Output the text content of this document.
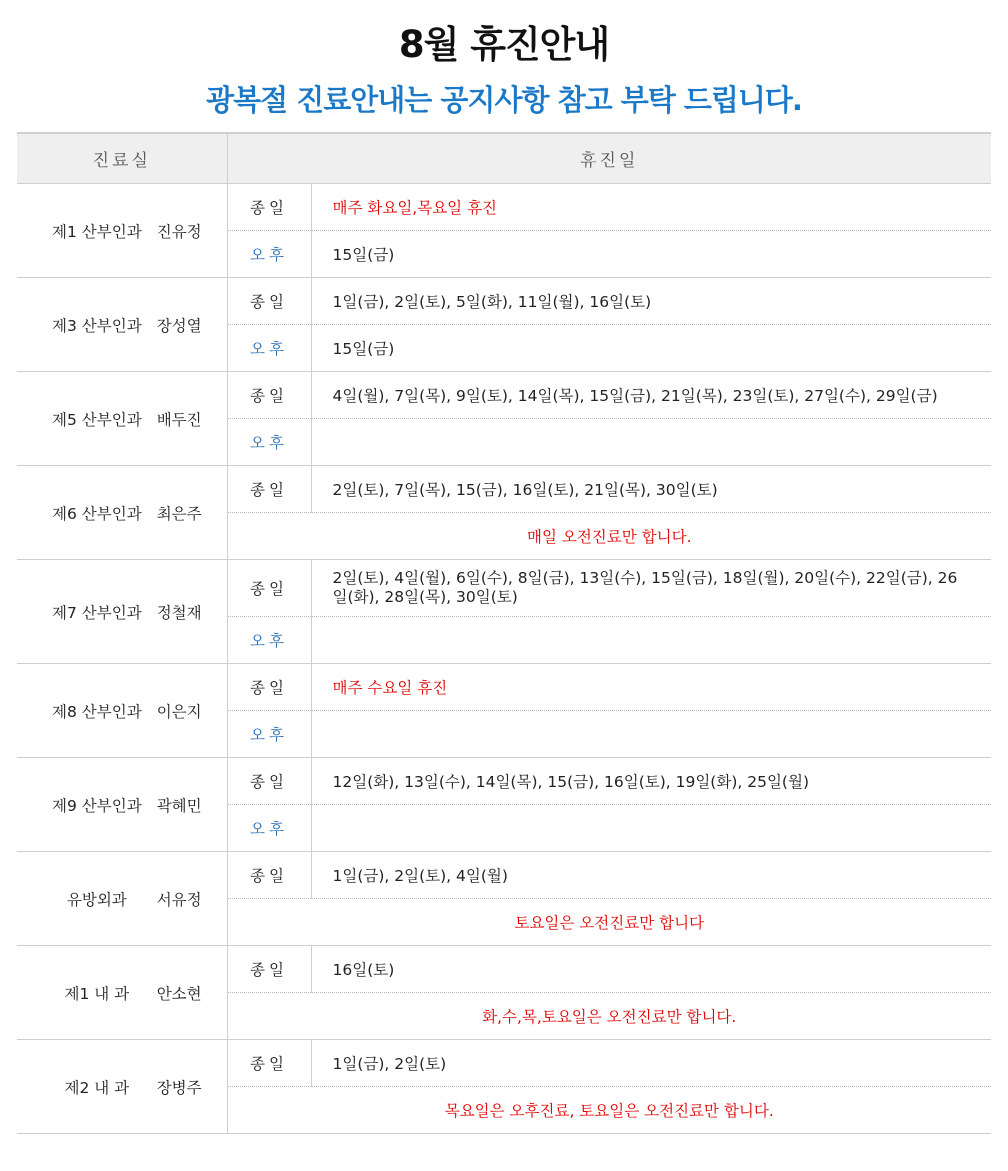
8월 휴진안내
광복절 진료안내는 공지사항 참고 부탁 드립니다.
진료실	휴진일	

제1 산부인과 진유정	종일	매주 화요일,목요일 휴진
	오후	15일(금)

제3 산부인과 장성열	종일	1일(금), 2일(토), 5일(화), 11일(월), 16일(토)
	오후	15일(금)

제5 산부인과 배두진	종일	4일(월), 7일(목), 9일(토), 14일(목), 15일(금), 21일(목), 23일(토), 27일(수), 29일(금)
	오후	

제6 산부인과 최은주	종일	2일(토), 7일(목), 15(금), 16일(토), 21일(목), 30일(토)
	매일 오전진료만 합니다.	

제7 산부인과 정철재	종일	2일(토), 4일(월), 6일(수), 8일(금), 13일(수), 15일(금), 18일(월), 20일(수), 22일(금), 26일(화), 28일(목), 30일(토)
	오후	

제8 산부인과 이은지	종일	매주 수요일 휴진
	오후	

제9 산부인과 곽혜민	종일	12일(화), 13일(수), 14일(목), 15(금), 16일(토), 19일(화), 25일(월)
	오후	

유방외과 서유정	종일	1일(금), 2일(토), 4일(월)
	토요일은 오전진료만 합니다	

제1 내 과 안소현	종일	16일(토)
	화,수,목,토요일은 오전진료만 합니다.	

제2 내 과 장병주	종일	1일(금), 2일(토)
	목요일은 오후진료, 토요일은 오전진료만 합니다.	
